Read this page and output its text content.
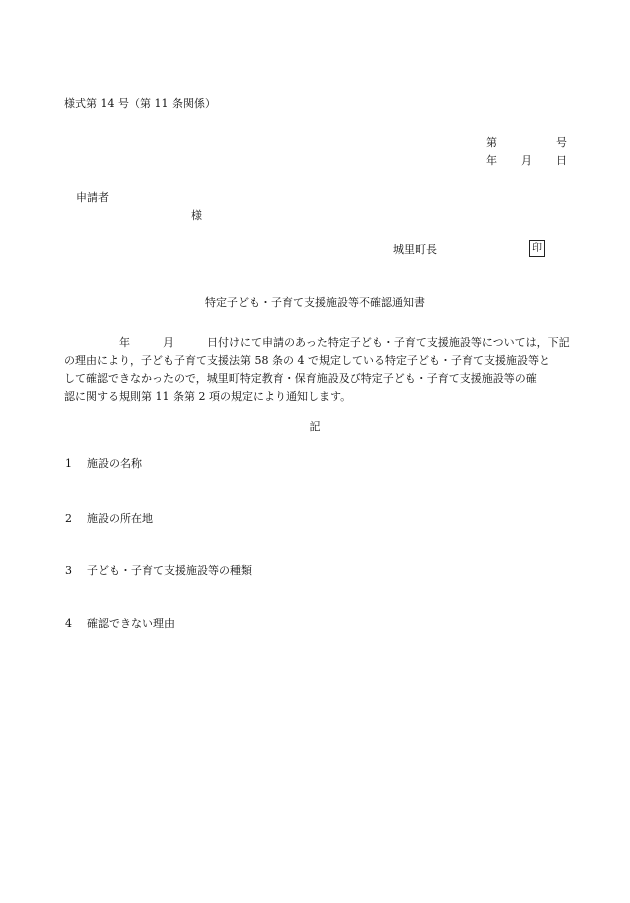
様式第 14 号（第 11 条関係）
第	号
年 月 日
申請者
様
城里町長	印
特定子ども・子育て支援施設等不確認通知書
　　　　　年　　　月　　　日付けにて申請のあった特定子ども・子育て支援施設等については，下記
の理由により，子ども子育て支援法第 58 条の 4 で規定している特定子ども・子育て支援施設等と
して確認できなかったので，城里町特定教育・保育施設及び特定子ども・子育て支援施設等の確
認に関する規則第 11 条第 2 項の規定により通知します。
記
1 施設の名称
2 施設の所在地
3 子ども・子育て支援施設等の種類
4 確認できない理由
